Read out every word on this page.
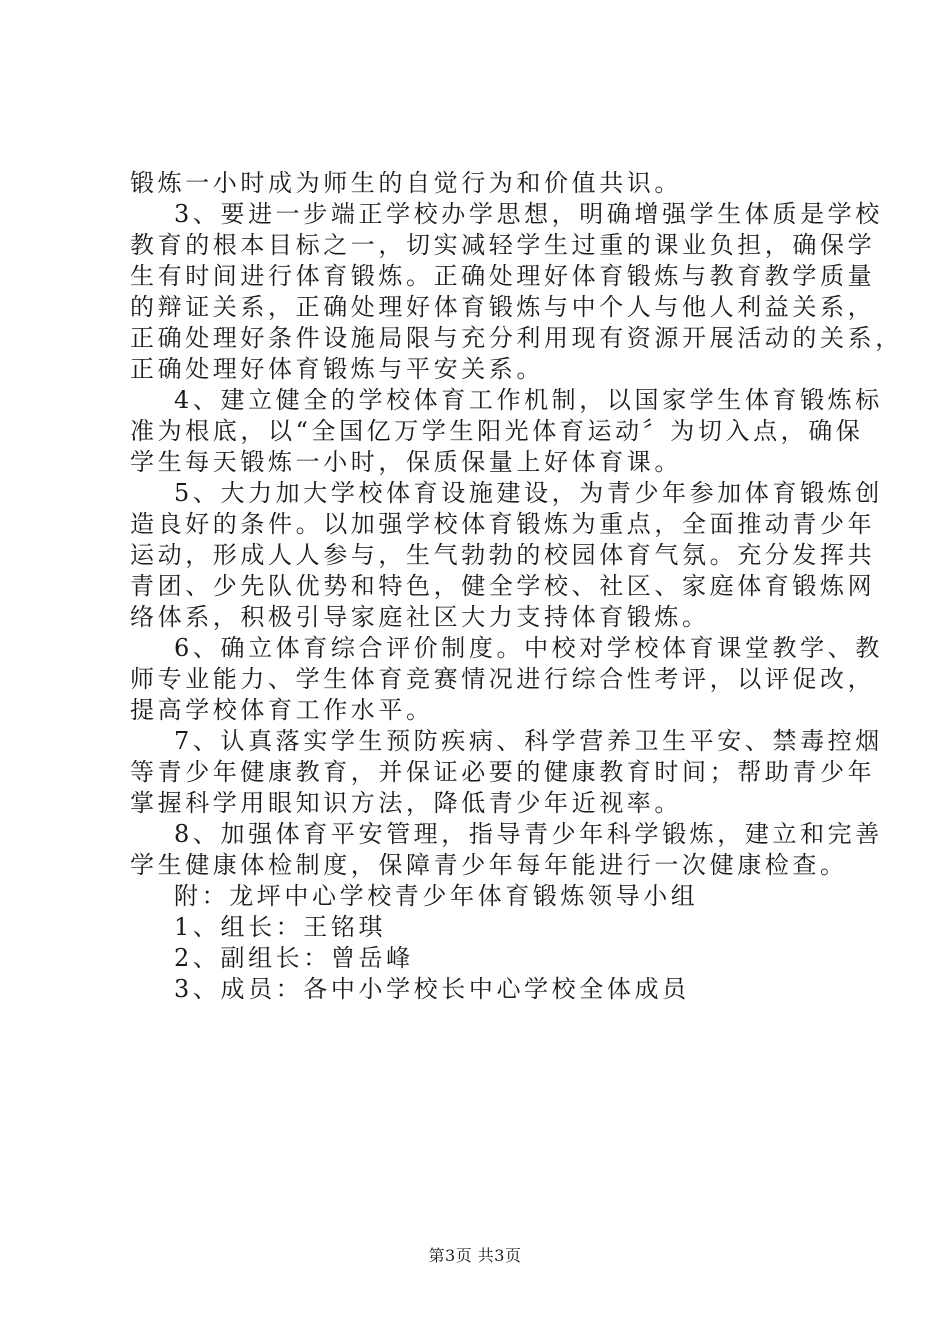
锻炼一小时成为师生的自觉行为和价值共识。
3、要进一步端正学校办学思想，明确增强学生体质是学校
教育的根本目标之一，切实减轻学生过重的课业负担，确保学
生有时间进行体育锻炼。正确处理好体育锻炼与教育教学质量
的辩证关系，正确处理好体育锻炼与中个人与他人利益关系，
正确处理好条件设施局限与充分利用现有资源开展活动的关系，
正确处理好体育锻炼与平安关系。
4、建立健全的学校体育工作机制，以国家学生体育锻炼标
准为根底，以“全国亿万学生阳光体育运动〞为切入点，确保
学生每天锻炼一小时，保质保量上好体育课。
5、大力加大学校体育设施建设，为青少年参加体育锻炼创
造良好的条件。以加强学校体育锻炼为重点，全面推动青少年
运动，形成人人参与，生气勃勃的校园体育气氛。充分发挥共
青团、少先队优势和特色，健全学校、社区、家庭体育锻炼网
络体系，积极引导家庭社区大力支持体育锻炼。
6、确立体育综合评价制度。中校对学校体育课堂教学、教
师专业能力、学生体育竞赛情况进行综合性考评，以评促改，
提高学校体育工作水平。
7、认真落实学生预防疾病、科学营养卫生平安、禁毒控烟
等青少年健康教育，并保证必要的健康教育时间；帮助青少年
掌握科学用眼知识方法，降低青少年近视率。
8、加强体育平安管理，指导青少年科学锻炼，建立和完善
学生健康体检制度，保障青少年每年能进行一次健康检查。
附：龙坪中心学校青少年体育锻炼领导小组
1、组长：王铭琪
2、副组长：曾岳峰
3、成员：各中小学校长中心学校全体成员
第3页 共3页
